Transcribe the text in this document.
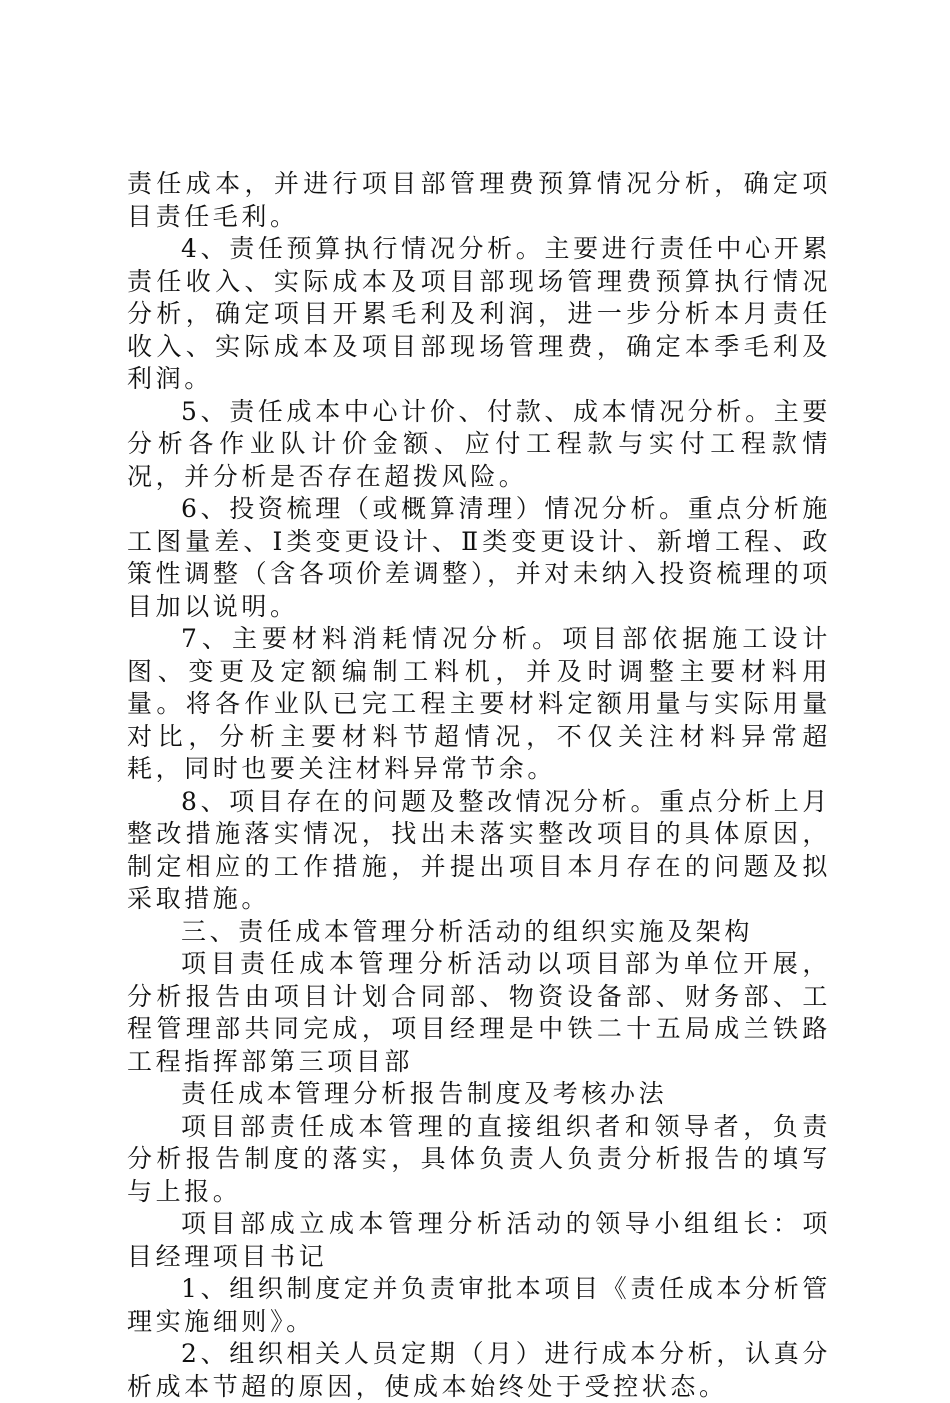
责任成本，并进行项目部管理费预算情况分析，确定项目责任毛利。

4、责任预算执行情况分析。主要进行责任中心开累责任收入、实际成本及项目部现场管理费预算执行情况分析，确定项目开累毛利及利润，进一步分析本月责任收入、实际成本及项目部现场管理费，确定本季毛利及利润。

5、责任成本中心计价、付款、成本情况分析。主要分析各作业队计价金额、应付工程款与实付工程款情况，并分析是否存在超拨风险。

6、投资梳理（或概算清理）情况分析。重点分析施工图量差、Ⅰ类变更设计、Ⅱ类变更设计、新增工程、政策性调整（含各项价差调整），并对未纳入投资梳理的项目加以说明。

7、主要材料消耗情况分析。项目部依据施工设计图、变更及定额编制工料机，并及时调整主要材料用量。将各作业队已完工程主要材料定额用量与实际用量对比，分析主要材料节超情况，不仅关注材料异常超耗，同时也要关注材料异常节余。

8、项目存在的问题及整改情况分析。重点分析上月整改措施落实情况，找出未落实整改项目的具体原因，制定相应的工作措施，并提出项目本月存在的问题及拟采取措施。

三、责任成本管理分析活动的组织实施及架构

项目责任成本管理分析活动以项目部为单位开展，分析报告由项目计划合同部、物资设备部、财务部、工程管理部共同完成，项目经理是中铁二十五局成兰铁路工程指挥部第三项目部

责任成本管理分析报告制度及考核办法

项目部责任成本管理的直接组织者和领导者，负责分析报告制度的落实，具体负责人负责分析报告的填写与上报。

项目部成立成本管理分析活动的领导小组组长：项目经理项目书记

1、组织制度定并负责审批本项目《责任成本分析管理实施细则》。

2、组织相关人员定期（月）进行成本分析，认真分析成本节超的原因，使成本始终处于受控状态。
